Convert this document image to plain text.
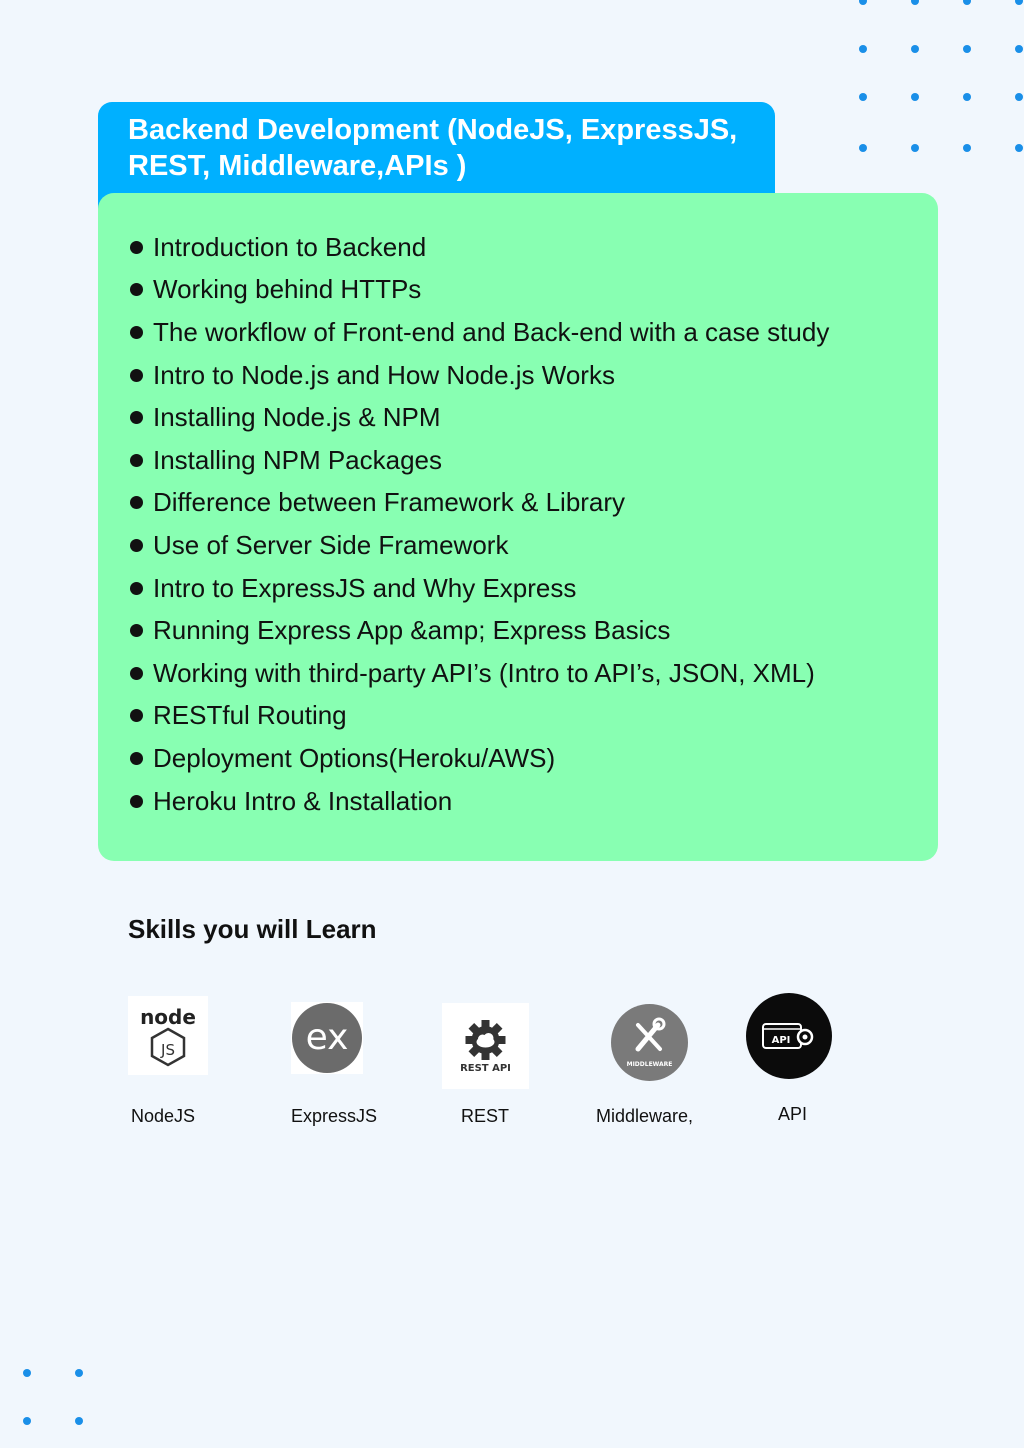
Backend Development (NodeJS, ExpressJS, REST, Middleware,APIs )
Introduction to Backend
Working behind HTTPs
The workflow of Front-end and Back-end with a case study
Intro to Node.js and How Node.js Works
Installing Node.js & NPM
Installing NPM Packages
Difference between Framework & Library
Use of Server Side Framework
Intro to ExpressJS and Why Express
Running Express App &amp; Express Basics
Working with third-party API’s (Intro to API’s, JSON, XML)
RESTful Routing
Deployment Options(Heroku/AWS)
Heroku Intro & Installation
Skills you will Learn
node
JS
NodeJS
ex
ExpressJS
REST API
REST
MIDDLEWARE
Middleware,
API
API
